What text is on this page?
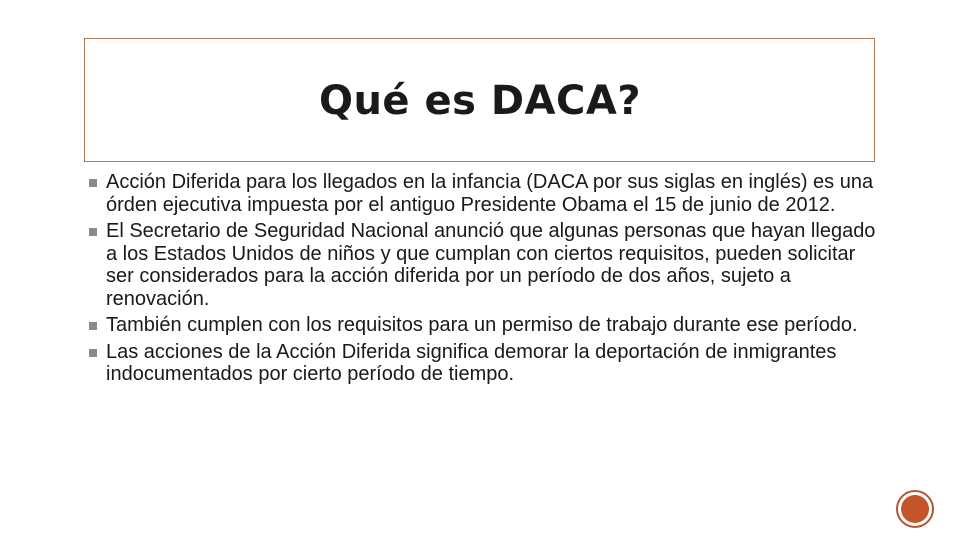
Qué es DACA?
Acción Diferida para los llegados en la infancia (DACA por sus siglas en inglés) es una órden ejecutiva impuesta por el antiguo Presidente Obama el 15 de junio de 2012.
El Secretario de Seguridad Nacional anunció que algunas personas que hayan llegado a los Estados Unidos de niños y que cumplan con ciertos requisitos, pueden solicitar ser considerados para la acción diferida por un período de dos años, sujeto a renovación.
También cumplen con los requisitos para un permiso de trabajo durante ese período.
Las acciones de la Acción Diferida significa demorar la deportación de inmigrantes indocumentados por cierto período de tiempo.
